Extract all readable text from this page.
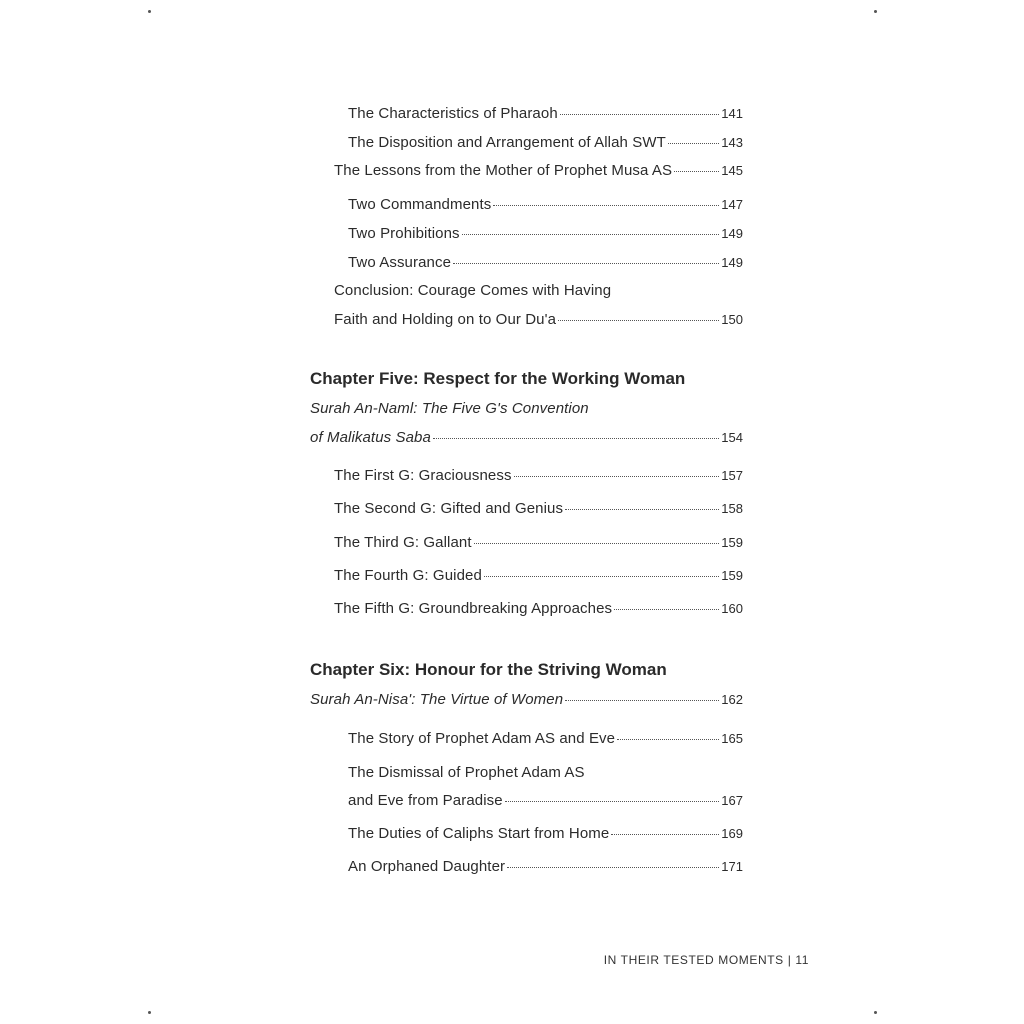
The Characteristics of Pharaoh	141
The Disposition and Arrangement of Allah SWT	143
The Lessons from the Mother of Prophet Musa AS	145
Two Commandments	147
Two Prohibitions	149
Two Assurance	149
Conclusion: Courage Comes with Having
Faith and Holding on to Our Du'a	150
Chapter Five: Respect for the Working Woman
Surah An-Naml: The Five G's Convention
of Malikatus Saba	154
The First G: Graciousness	157
The Second G: Gifted and Genius	158
The Third G: Gallant	159
The Fourth G: Guided	159
The Fifth G: Groundbreaking Approaches	160
Chapter Six: Honour for the Striving Woman
Surah An-Nisa': The Virtue of Women	162
The Story of Prophet Adam AS and Eve	165
The Dismissal of Prophet Adam AS
and Eve from Paradise	167
The Duties of Caliphs Start from Home	169
An Orphaned Daughter	171
IN THEIR TESTED MOMENTS | 11
